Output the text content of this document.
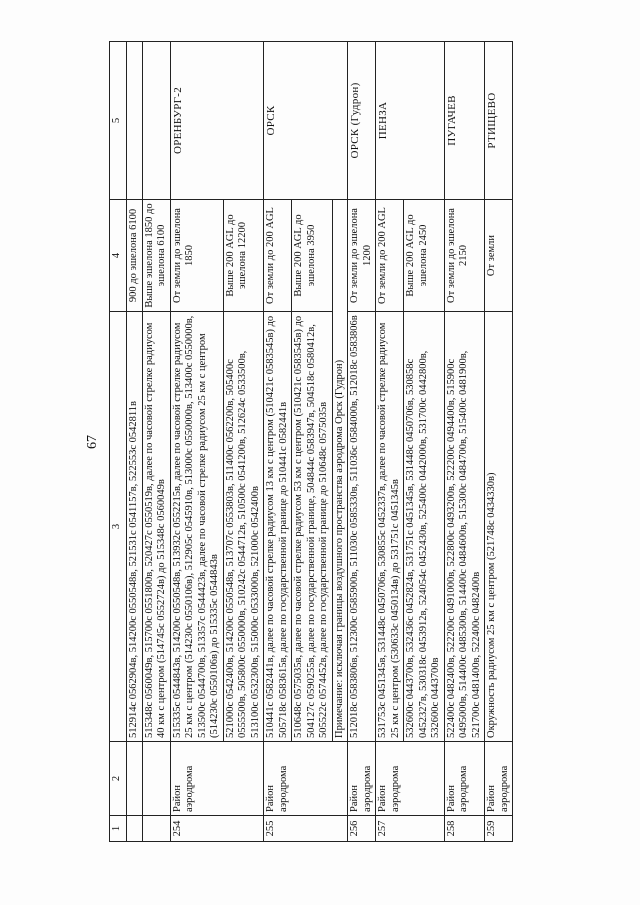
67
1	2	3	4	5
		512914с 0562904в, 514200с 0550548в, 521531с 0541157в, 522553с 0542811в	900 до эшелона 6100	
		515348с 0560049в, 515700с 0551800в, 520427с 0550519в, далее по часовой стрелке радиусом 40 км с центром (514745с 0552724в) до 515348с 0560049в	Выше эшелона 1850 до эшелона 6100	
254	Район аэродрома	515335с 0544843в, 514200с 0550548в, 513932с 0552215в, далее по часовой стрелке радиусом 25 км с центром (514230с 0550106в), 512905с 0545910в, 513000с 0550000в, 513400с 0550000в, 513500с 0544700в, 513357с 0544423в, далее по часовой стрелке радиусом 25 км с центром (514230с 0550106в) до 515335с 0544843в	От земли до эшелона 1850	ОРЕНБУРГ-2
		521000с 0542400в, 514200с 0550548в, 513707с 0553803в, 511400с 0562200в, 505400с 0555500в, 505800с 0550000в, 510242с 0544712в, 510500с 0541200в, 512624с 0533500в, 513100с 0532300в, 515000с 0533000в, 521000с 0542400в	Выше 200 AGL до эшелона 12200	
255	Район аэродрома	510441с 0582441в, далее по часовой стрелке радиусом 13 км с центром (510421с 0583545в) до 505718с 0583615в, далее по государственной границе до 510441с 0582441в	От земли до 200 AGL	ОРСК
		510648с 0575035в, далее по часовой стрелке радиусом 53 км с центром (510421с 0583545в) до 504127с 0590255в, далее по государственной границе, 504844с 0583947в, 504518с 0580412в, 505522с 0574452в, далее по государственной границе до 510648с 0575035в	Выше 200 AGL до эшелона 3950	
		Примечание: исключая границы воздушного пространства аэродрома Орск (Гудрон)		
256	Район аэродрома	512018с 0583806в, 512300с 0585900в, 511030с 0585330в, 511036с 0584000в, 512018с 0583806в	От земли до эшелона 1200	ОРСК (Гудрон)
257	Район аэродрома	531753с 0451345в, 531448с 0450706в, 530855с 0452337в, далее по часовой стрелке радиусом 25 км с центром (530633с 0450134в) до 531751с 0451345в	От земли до 200 AGL	ПЕНЗА
		532600с 0443700в, 532436с 0452824в, 531751с 0451345в, 531448с 0450706в, 530858с 0452327в, 530318с 0453912в, 524054с 0452430в, 525400с 0442000в, 531700с 0442800в, 532600с 0443700в	Выше 200 AGL до эшелона 2450	
258	Район аэродрома	522400с 0482400в, 522200с 0491000в, 522800с 0493200в, 522200с 0494400в, 515900с 0495000в, 514400с 0485300в, 514400с 0484600в, 515300с 0484700в, 515400с 0481900в, 521700с 0481400в, 522400с 0482400в	От земли до эшелона 2150	ПУГАЧЕВ
259	Район аэродрома	Окружность радиусом 25 км с центром (521748с 0434330в)	От земли	РТИЩЕВО
